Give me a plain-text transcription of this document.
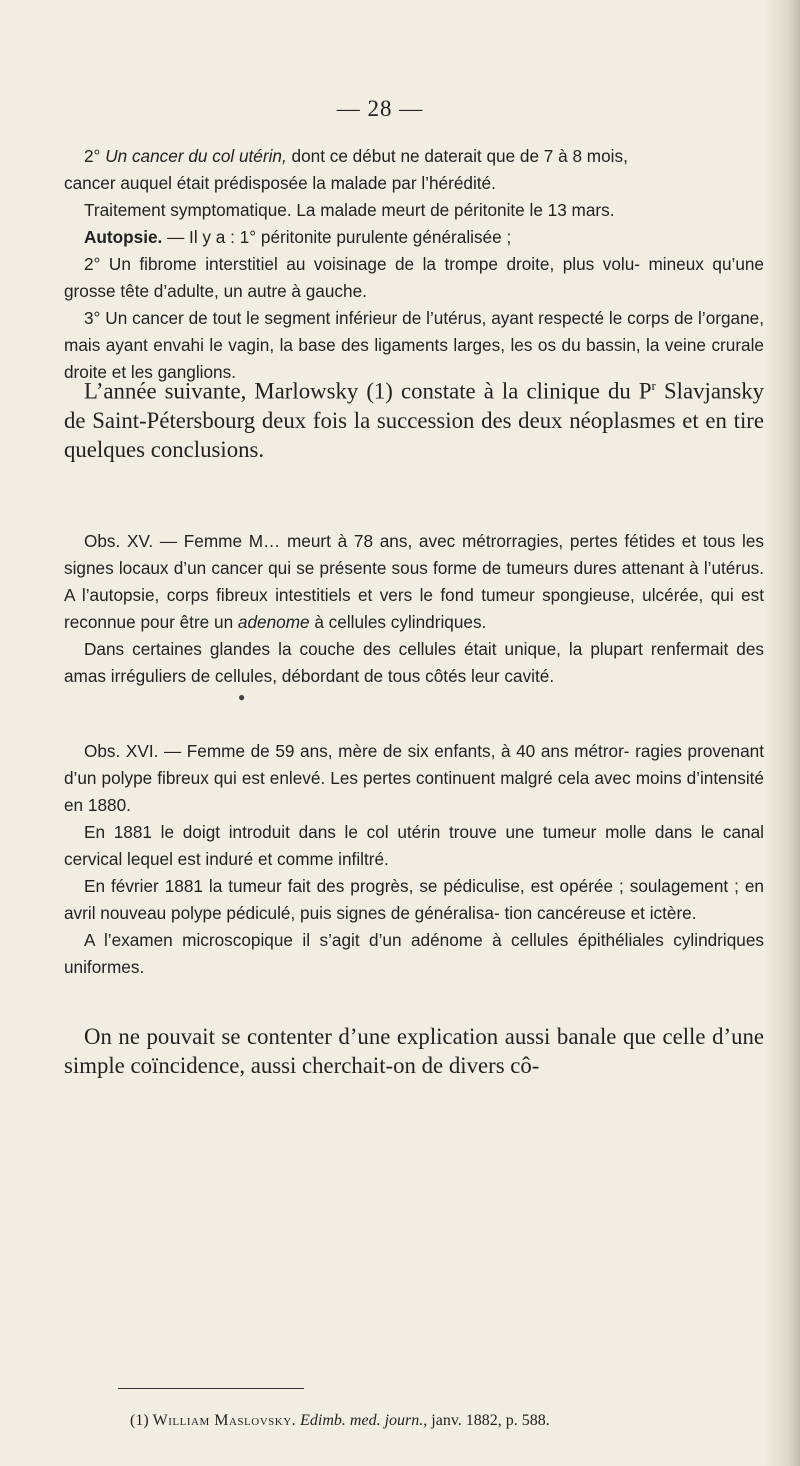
— 28 —

2° Un cancer du col utérin, dont ce début ne daterait que de 7 à 8 mois,

cancer auquel était prédisposée la malade par l’hérédité.

Traitement symptomatique. La malade meurt de péritonite le 13 mars.

Autopsie. — Il y a : 1° péritonite purulente généralisée ;

2° Un fibrome interstitiel au voisinage de la trompe droite, plus volu- mineux qu’une grosse tête d’adulte, un autre à gauche.

3° Un cancer de tout le segment inférieur de l’utérus, ayant respecté le corps de l’organe, mais ayant envahi le vagin, la base des ligaments larges, les os du bassin, la veine crurale droite et les ganglions.

L’année suivante, Marlowsky (1) constate à la clinique du $P^r$ Slavjansky de Saint-Pétersbourg deux fois la succession des deux néoplasmes et en tire quelques conclusions.

Obs. XV. — Femme M… meurt à 78 ans, avec métrorragies, pertes fétides et tous les signes locaux d’un cancer qui se présente sous forme de tumeurs dures attenant à l’utérus. A l’autopsie, corps fibreux intestitiels et vers le fond tumeur spongieuse, ulcérée, qui est reconnue pour être un adenome à cellules cylindriques.

Dans certaines glandes la couche des cellules était unique, la plupart renfermait des amas irréguliers de cellules, débordant de tous côtés leur cavité.

●

Obs. XVI. — Femme de 59 ans, mère de six enfants, à 40 ans métror- ragies provenant d’un polype fibreux qui est enlevé. Les pertes continuent malgré cela avec moins d’intensité en 1880.

En 1881 le doigt introduit dans le col utérin trouve une tumeur molle dans le canal cervical lequel est induré et comme infiltré.

En février 1881 la tumeur fait des progrès, se pédiculise, est opérée ; soulagement ; en avril nouveau polype pédiculé, puis signes de généralisa- tion cancéreuse et ictère.

A l’examen microscopique il s’agit d’un adénome à cellules épithéliales cylindriques uniformes.

On ne pouvait se contenter d’une explication aussi banale que celle d’une simple coïncidence, aussi cherchait-on de divers cô-

(1) William Maslovsky. Edimb. med. journ., janv. 1882, p. 588.
